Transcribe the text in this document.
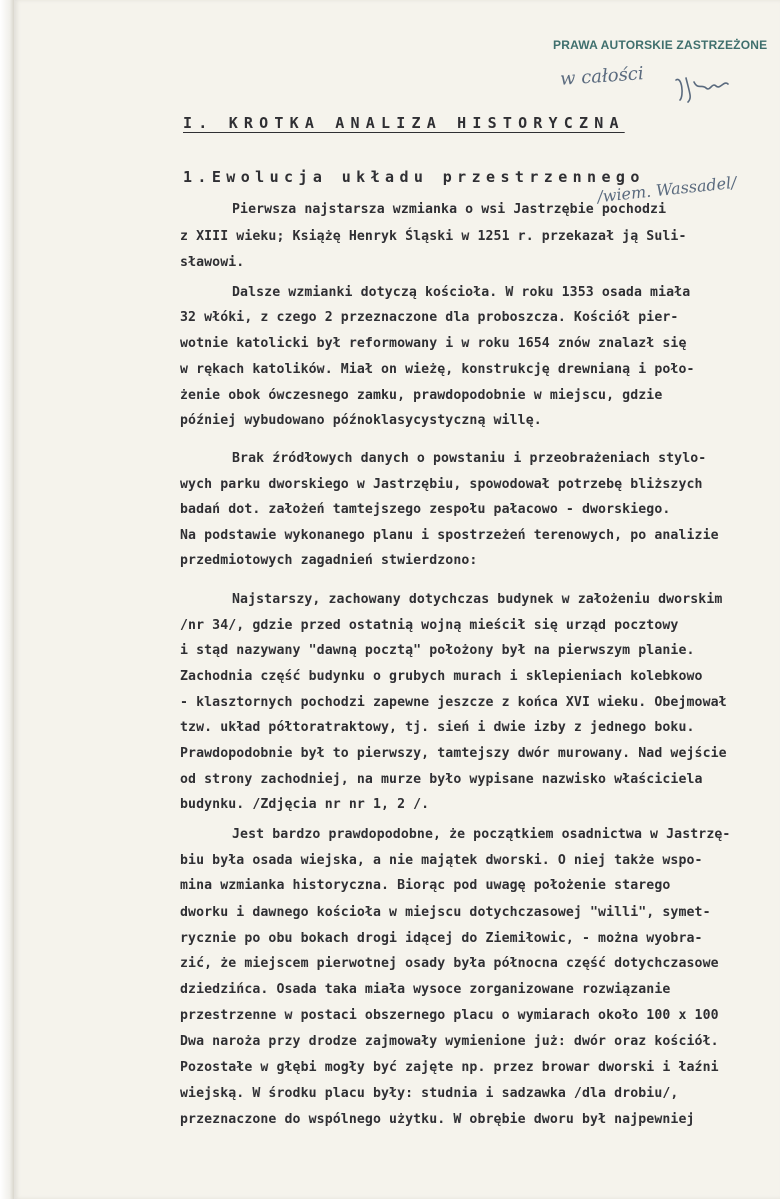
PRAWA AUTORSKIE ZASTRZEŻONE
w całości
/wiem. Wassadel/
I. KROTKA ANALIZA HISTORYCZNA
1.Ewolucja układu przestrzennego
Pierwsza najstarsza wzmianka o wsi Jastrzębie pochodzi
z XIII wieku; Książę Henryk Śląski w 1251 r. przekazał ją Suli-
sławowi.
Dalsze wzmianki dotyczą kościoła. W roku 1353 osada miała
32 włóki, z czego 2 przeznaczone dla proboszcza. Kościół pier-
wotnie katolicki był reformowany i w roku 1654 znów znalazł się
w rękach katolików. Miał on wieżę, konstrukcję drewnianą i poło-
żenie obok ówczesnego zamku, prawdopodobnie w miejscu, gdzie
później wybudowano późnoklasycystyczną willę.
Brak źródłowych danych o powstaniu i przeobrażeniach stylo-
wych parku dworskiego w Jastrzębiu, spowodował potrzebę bliższych
badań dot. założeń tamtejszego zespołu pałacowo - dworskiego.
Na podstawie wykonanego planu i spostrzeżeń terenowych, po analizie
przedmiotowych zagadnień stwierdzono:
Najstarszy, zachowany dotychczas budynek w założeniu dworskim
/nr 34/, gdzie przed ostatnią wojną mieścił się urząd pocztowy
i stąd nazywany "dawną pocztą" położony był na pierwszym planie.
Zachodnia część budynku o grubych murach i sklepieniach kolebkowo
- klasztornych pochodzi zapewne jeszcze z końca XVI wieku. Obejmował
tzw. układ półtoratraktowy, tj. sień i dwie izby z jednego boku.
Prawdopodobnie był to pierwszy, tamtejszy dwór murowany. Nad wejście
od strony zachodniej, na murze było wypisane nazwisko właściciela
budynku. /Zdjęcia nr nr 1, 2 /.
Jest bardzo prawdopodobne, że początkiem osadnictwa w Jastrzę-
biu była osada wiejska, a nie majątek dworski. O niej także wspo-
mina wzmianka historyczna. Biorąc pod uwagę położenie starego
dworku i dawnego kościoła w miejscu dotychczasowej "willi", symet-
rycznie po obu bokach drogi idącej do Ziemiłowic, - można wyobra-
zić, że miejscem pierwotnej osady była północna część dotychczasowe
dziedzińca. Osada taka miała wysoce zorganizowane rozwiązanie
przestrzenne w postaci obszernego placu o wymiarach około 100 x 100
Dwa naroża przy drodze zajmowały wymienione już: dwór oraz kościół.
Pozostałe w głębi mogły być zajęte np. przez browar dworski i łaźni
wiejską. W środku placu były: studnia i sadzawka /dla drobiu/,
przeznaczone do wspólnego użytku. W obrębie dworu był najpewniej
